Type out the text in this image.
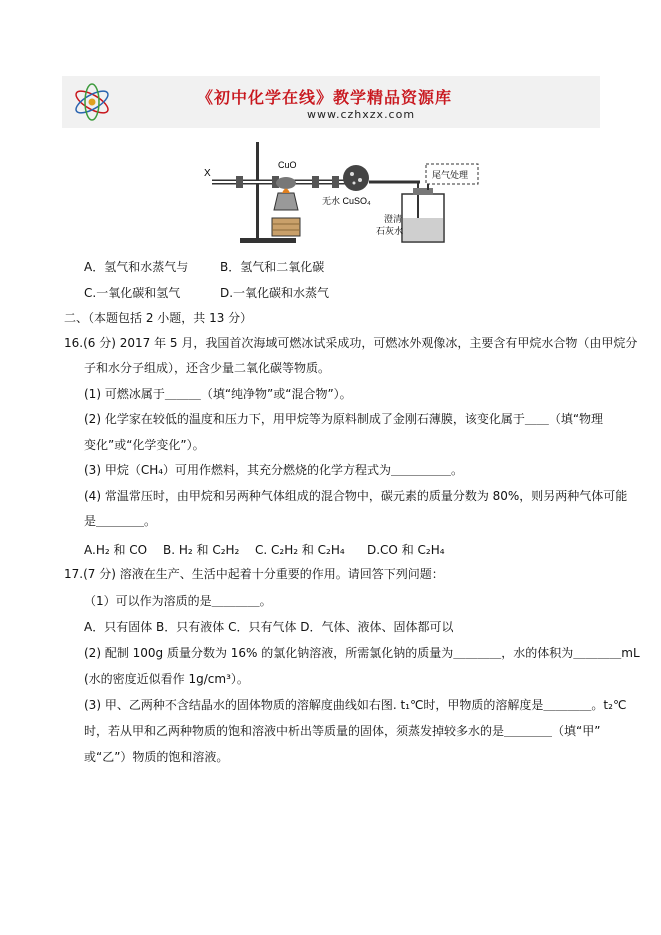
《初中化学在线》教学精品资源库
www.czhxzx.com
X
CuO
无水 CuSO₄
尾气处理
澄清
石灰水
A．氢气和水蒸气与	B．氢气和二氧化碳
C.一氧化碳和氢气	D.一氧化碳和水蒸气
二、（本题包括 2 小题，共 13 分）
16.(6 分) 2017 年 5 月，我国首次海域可燃冰试采成功，可燃冰外观像冰，主要含有甲烷水合物（由甲烷分
子和水分子组成），还含少量二氧化碳等物质。
(1) 可燃冰属于＿＿＿（填“纯净物”或“混合物”）。
(2) 化学家在较低的温度和压力下，用甲烷等为原料制成了金刚石薄膜，该变化属于＿＿（填“物理
变化”或“化学变化”）。
(3) 甲烷（CH₄）可用作燃料，其充分燃烧的化学方程式为＿＿＿＿＿。
(4) 常温常压时，由甲烷和另两种气体组成的混合物中，碳元素的质量分数为 80%，则另两种气体可能
是＿＿＿＿。
A.H₂ 和 CO B. H₂ 和 C₂H₂ C. C₂H₂ 和 C₂H₄ D.CO 和 C₂H₄
17.(7 分) 溶液在生产、生活中起着十分重要的作用。请回答下列问题：
（1）可以作为溶质的是＿＿＿＿。
A．只有固体 B．只有液体 C．只有气体 D．气体、液体、固体都可以
(2) 配制 100g 质量分数为 16% 的氯化钠溶液，所需氯化钠的质量为＿＿＿＿，水的体积为＿＿＿＿mL
(水的密度近似看作 1g/cm³）。
(3) 甲、乙两种不含结晶水的固体物质的溶解度曲线如右图. t₁℃时，甲物质的溶解度是＿＿＿＿。t₂℃
时，若从甲和乙两种物质的饱和溶液中析出等质量的固体，须蒸发掉较多水的是＿＿＿＿（填“甲”
或“乙”）物质的饱和溶液。
